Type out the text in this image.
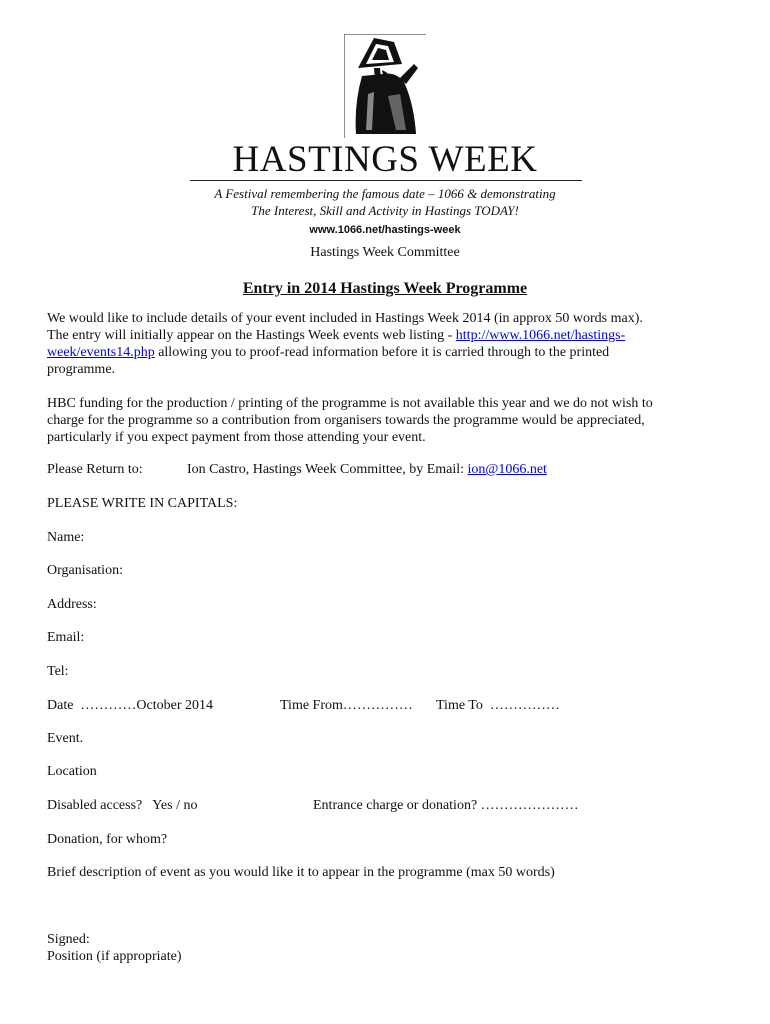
HASTINGS WEEK
A Festival remembering the famous date – 1066 & demonstrating
The Interest, Skill and Activity in Hastings TODAY!
www.1066.net/hastings-week
Hastings Week Committee
Entry in 2014 Hastings Week Programme
We would like to include details of your event included in Hastings Week 2014 (in approx 50 words max).
The entry will initially appear on the Hastings Week events web listing - http://www.1066.net/hastings-
week/events14.php allowing you to proof-read information before it is carried through to the printed
programme.
HBC funding for the production / printing of the programme is not available this year and we do not wish to
charge for the programme so a contribution from organisers towards the programme would be appreciated,
particularly if you expect payment from those attending your event.
Please Return to:	Ion Castro, Hastings Week Committee, by Email: ion@1066.net
PLEASE WRITE IN CAPITALS:
Name:
Organisation:
Address:
Email:
Tel:
Date  …………October 2014	Time From…………… Time To  ……………
Event.
Location
Disabled access?   Yes / no	Entrance charge or donation? …………………
Donation, for whom?
Brief description of event as you would like it to appear in the programme (max 50 words)
Signed:
Position (if appropriate)
